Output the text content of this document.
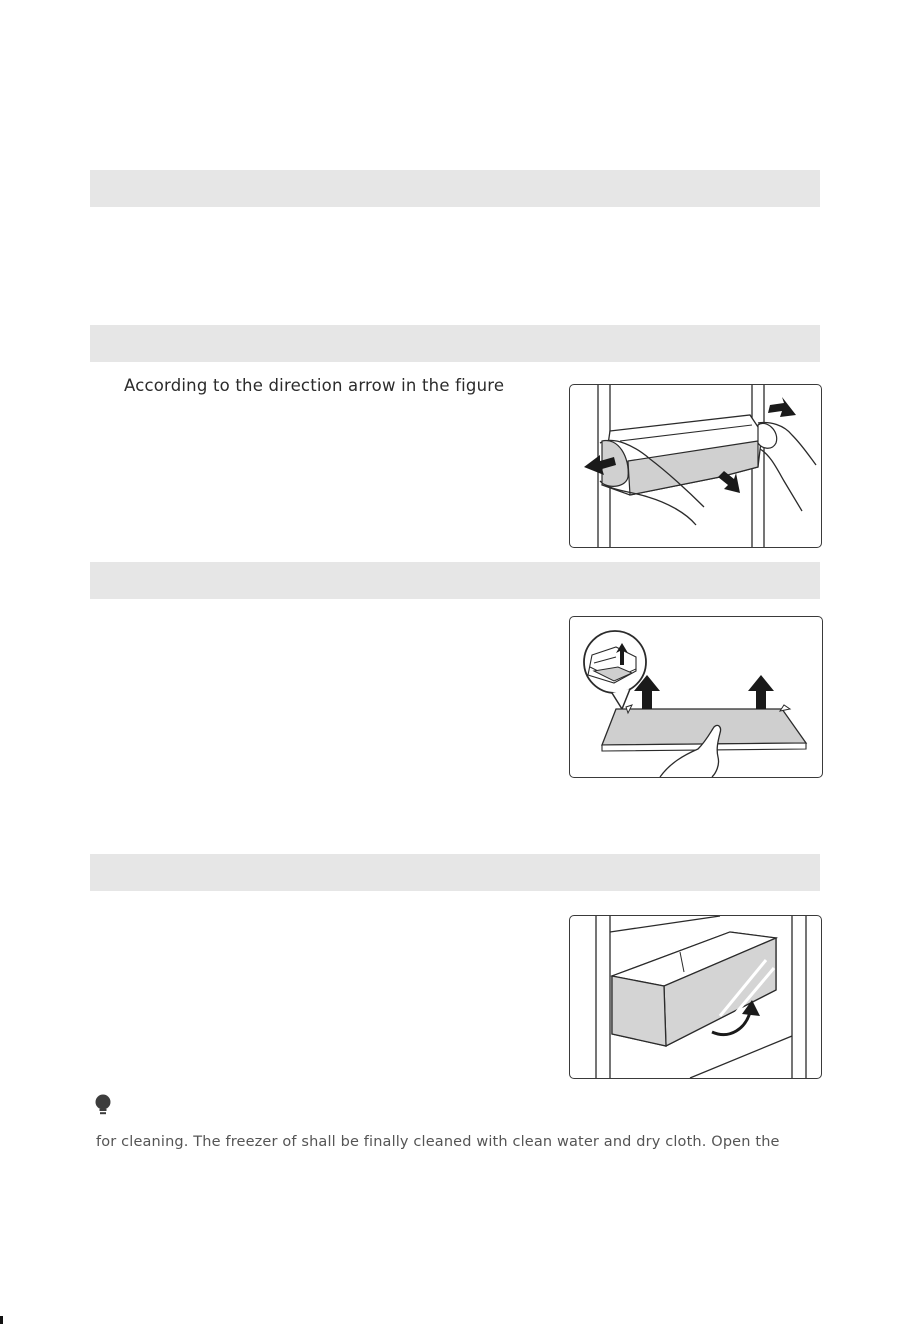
According to the direction arrow in the figure
for cleaning. The freezer of shall be finally cleaned with clean water and dry cloth. Open the
